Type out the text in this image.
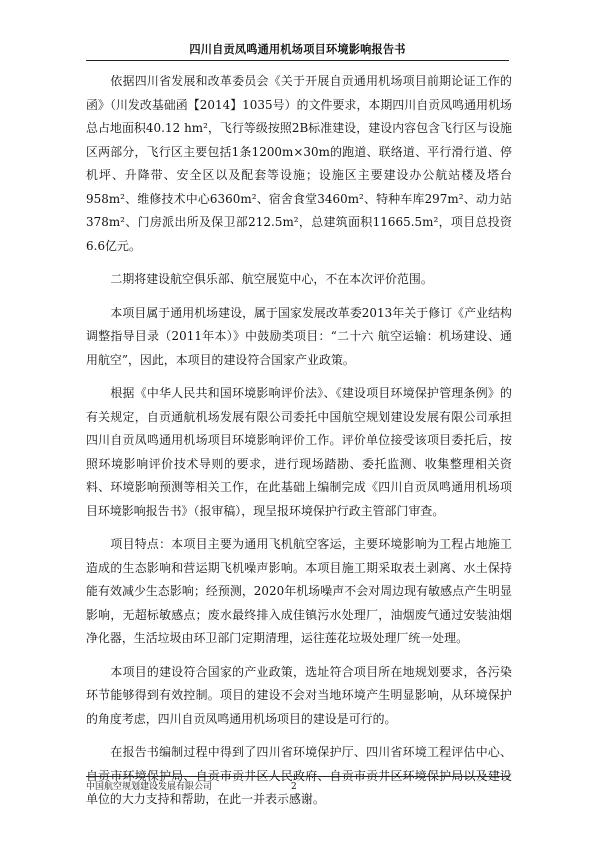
四川自贡凤鸣通用机场项目环境影响报告书

依据四川省发展和改革委员会《关于开展自贡通用机场项目前期论证工作的函》（川发改基础函【2014】1035号）的文件要求，本期四川自贡凤鸣通用机场总占地面积40.12 hm²，飞行等级按照2B标准建设，建设内容包含飞行区与设施区两部分，飞行区主要包括1条1200m×30m的跑道、联络道、平行滑行道、停机坪、升降带、安全区以及配套等设施；设施区主要建设办公航站楼及塔台958m²、维修技术中心6360m²、宿舍食堂3460m²、特种车库297m²、动力站378m²、门房派出所及保卫部212.5m²，总建筑面积11665.5m²，项目总投资6.6亿元。

二期将建设航空俱乐部、航空展览中心，不在本次评价范围。

本项目属于通用机场建设，属于国家发展改革委2013年关于修订《产业结构调整指导目录（2011年本）》中鼓励类项目：“二十六 航空运输：机场建设、通用航空”，因此，本项目的建设符合国家产业政策。

根据《中华人民共和国环境影响评价法》、《建设项目环境保护管理条例》的有关规定，自贡通航机场发展有限公司委托中国航空规划建设发展有限公司承担四川自贡凤鸣通用机场项目环境影响评价工作。评价单位接受该项目委托后，按照环境影响评价技术导则的要求，进行现场踏勘、委托监测、收集整理相关资料、环境影响预测等相关工作，在此基础上编制完成《四川自贡凤鸣通用机场项目环境影响报告书》（报审稿），现呈报环境保护行政主管部门审查。

项目特点：本项目主要为通用飞机航空客运，主要环境影响为工程占地施工造成的生态影响和营运期飞机噪声影响。本项目施工期采取表土剥离、水土保持能有效减少生态影响；经预测，2020年机场噪声不会对周边现有敏感点产生明显影响，无超标敏感点；废水最终排入成佳镇污水处理厂，油烟废气通过安装油烟净化器，生活垃圾由环卫部门定期清理，运往莲花垃圾处理厂统一处理。

本项目的建设符合国家的产业政策，选址符合项目所在地规划要求，各污染环节能够得到有效控制。项目的建设不会对当地环境产生明显影响，从环境保护的角度考虑，四川自贡凤鸣通用机场项目的建设是可行的。

在报告书编制过程中得到了四川省环境保护厅、四川省环境工程评估中心、自贡市环境保护局、自贡市贡井区人民政府、自贡市贡井区环境保护局以及建设单位的大力支持和帮助，在此一并表示感谢。

中国航空规划建设发展有限公司	2
